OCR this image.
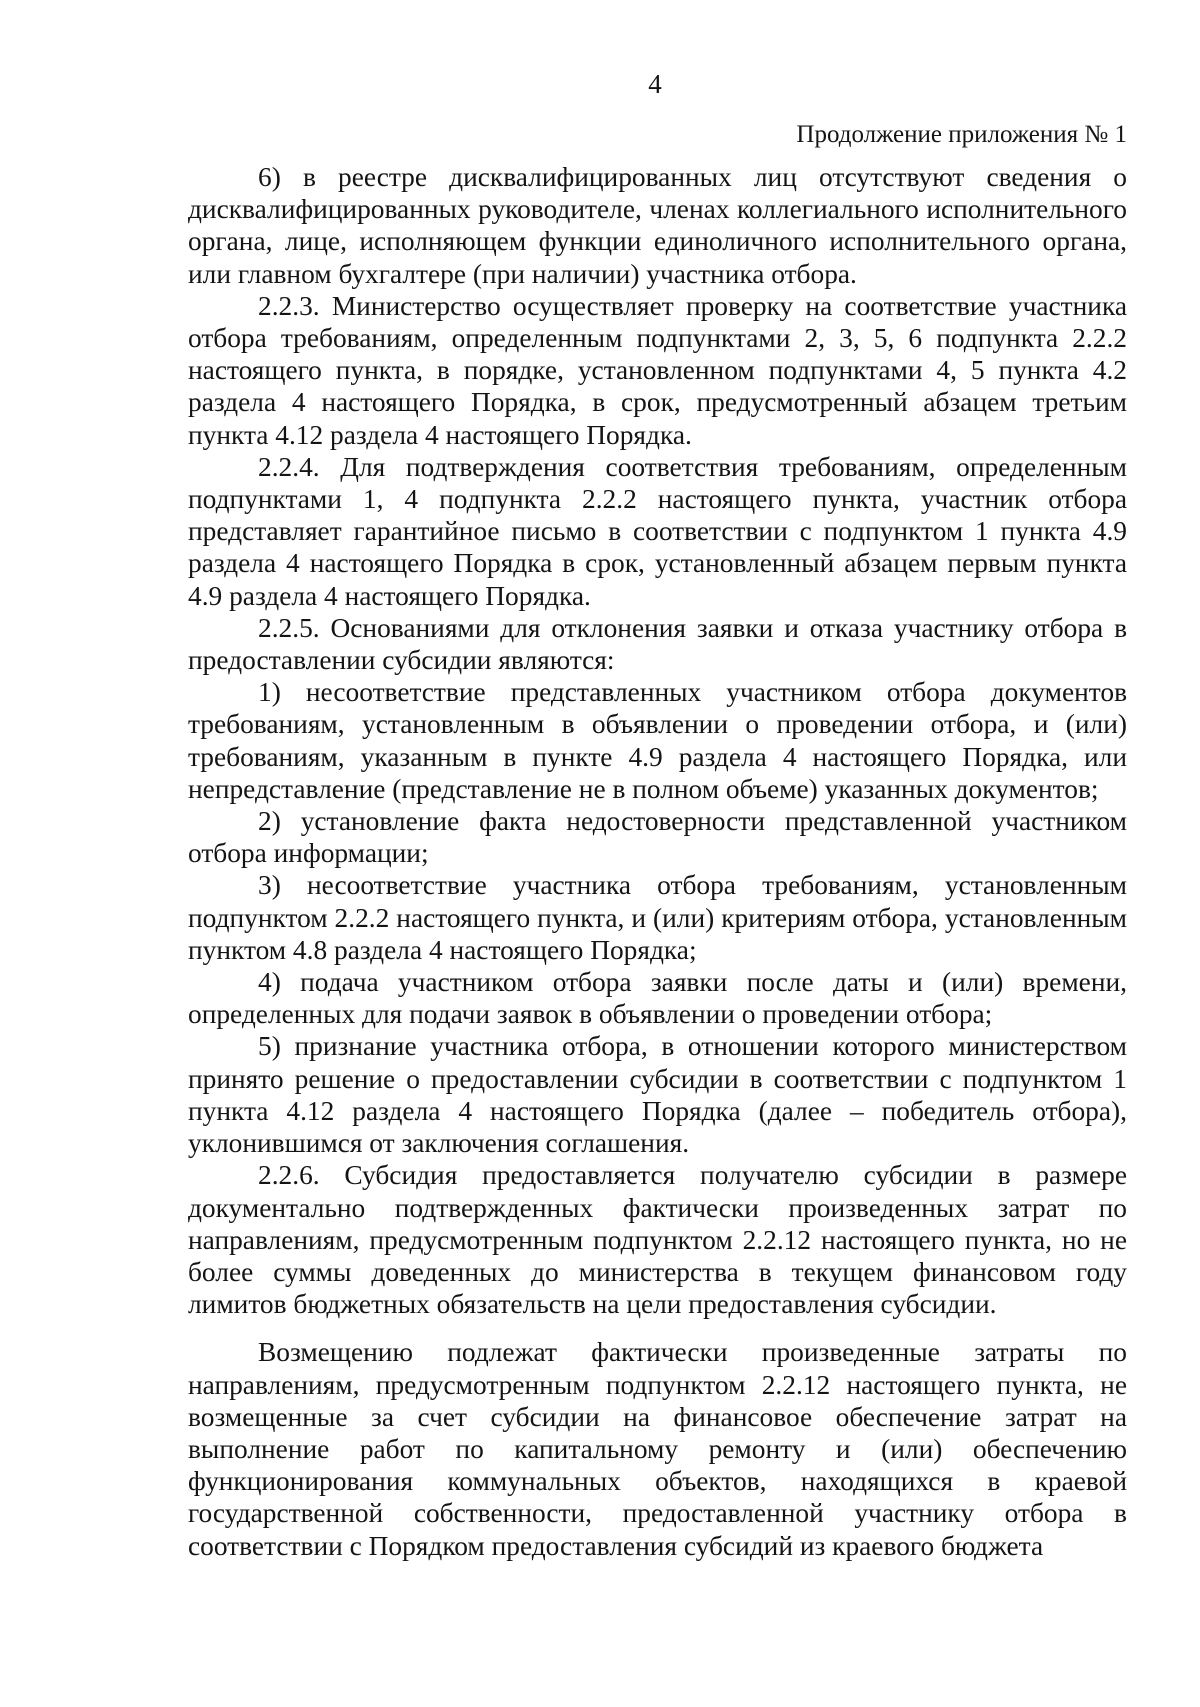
4
Продолжение приложения № 1

6) в реестре дисквалифицированных лиц отсутствуют сведения о дисквалифицированных руководителе, членах коллегиального исполнительного органа, лице, исполняющем функции единоличного исполнительного органа, или главном бухгалтере (при наличии) участника отбора.

2.2.3. Министерство осуществляет проверку на соответствие участника отбора требованиям, определенным подпунктами 2, 3, 5, 6 подпункта 2.2.2 настоящего пункта, в порядке, установленном подпунктами 4, 5 пункта 4.2 раздела 4 настоящего Порядка, в срок, предусмотренный абзацем третьим пункта 4.12 раздела 4 настоящего Порядка.

2.2.4. Для подтверждения соответствия требованиям, определенным подпунктами 1, 4 подпункта 2.2.2 настоящего пункта, участник отбора представляет гарантийное письмо в соответствии с подпунктом 1 пункта 4.9 раздела 4 настоящего Порядка в срок, установленный абзацем первым пункта 4.9 раздела 4 настоящего Порядка.

2.2.5. Основаниями для отклонения заявки и отказа участнику отбора в предоставлении субсидии являются:

1) несоответствие представленных участником отбора документов требованиям, установленным в объявлении о проведении отбора, и (или) требованиям, указанным в пункте 4.9 раздела 4 настоящего Порядка, или непредставление (представление не в полном объеме) указанных документов;

2) установление факта недостоверности представленной участником отбора информации;

3) несоответствие участника отбора требованиям, установленным подпунктом 2.2.2 настоящего пункта, и (или) критериям отбора, установленным пунктом 4.8 раздела 4 настоящего Порядка;

4) подача участником отбора заявки после даты и (или) времени, определенных для подачи заявок в объявлении о проведении отбора;

5) признание участника отбора, в отношении которого министерством принято решение о предоставлении субсидии в соответствии с подпунктом 1 пункта 4.12 раздела 4 настоящего Порядка (далее – победитель отбора), уклонившимся от заключения соглашения.

2.2.6. Субсидия предоставляется получателю субсидии в размере документально подтвержденных фактически произведенных затрат по направлениям, предусмотренным подпунктом 2.2.12 настоящего пункта, но не более суммы доведенных до министерства в текущем финансовом году лимитов бюджетных обязательств на цели предоставления субсидии.

Возмещению подлежат фактически произведенные затраты по направлениям, предусмотренным подпунктом 2.2.12 настоящего пункта, не возмещенные за счет субсидии на финансовое обеспечение затрат на выполнение работ по капитальному ремонту и (или) обеспечению функционирования коммунальных объектов, находящихся в краевой государственной собственности, предоставленной участнику отбора в соответствии с Порядком предоставления субсидий из краевого бюджета
